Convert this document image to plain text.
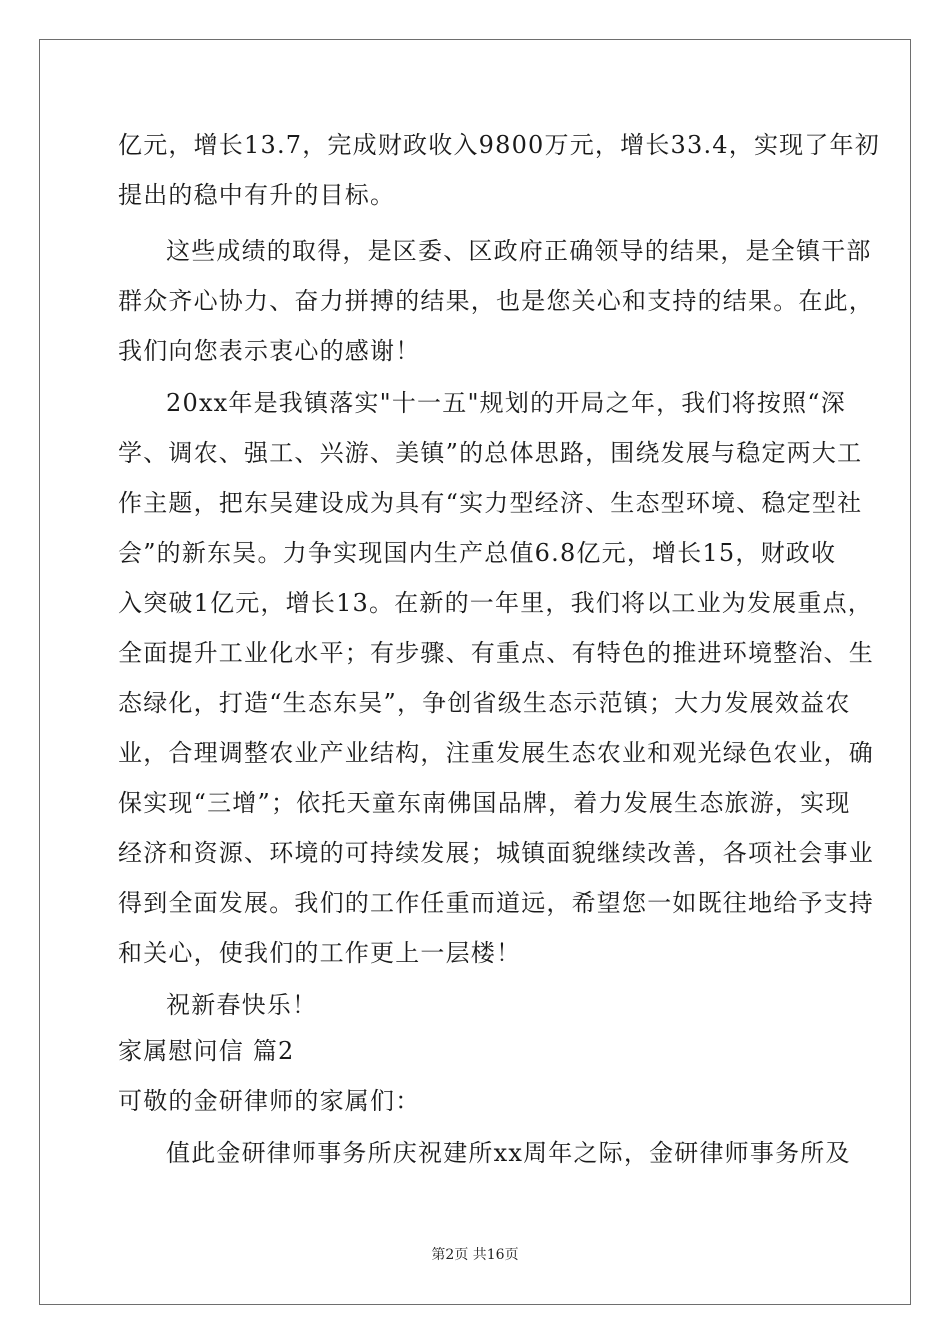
亿元，增长13.7，完成财政收入9800万元，增长33.4，实现了年初
提出的稳中有升的目标。
这些成绩的取得，是区委、区政府正确领导的结果，是全镇干部
群众齐心协力、奋力拼搏的结果，也是您关心和支持的结果。在此，
我们向您表示衷心的感谢！
20xx年是我镇落实"十一五"规划的开局之年，我们将按照“深
学、调农、强工、兴游、美镇”的总体思路，围绕发展与稳定两大工
作主题，把东吴建设成为具有“实力型经济、生态型环境、稳定型社
会”的新东吴。力争实现国内生产总值6.8亿元，增长15，财政收
入突破1亿元，增长13。在新的一年里，我们将以工业为发展重点，
全面提升工业化水平；有步骤、有重点、有特色的推进环境整治、生
态绿化，打造“生态东吴”，争创省级生态示范镇；大力发展效益农
业，合理调整农业产业结构，注重发展生态农业和观光绿色农业，确
保实现“三增”；依托天童东南佛国品牌，着力发展生态旅游，实现
经济和资源、环境的可持续发展；城镇面貌继续改善，各项社会事业
得到全面发展。我们的工作任重而道远，希望您一如既往地给予支持
和关心，使我们的工作更上一层楼！
祝新春快乐！
家属慰问信 篇2
可敬的金研律师的家属们：
值此金研律师事务所庆祝建所xx周年之际，金研律师事务所及
第2页 共16页
